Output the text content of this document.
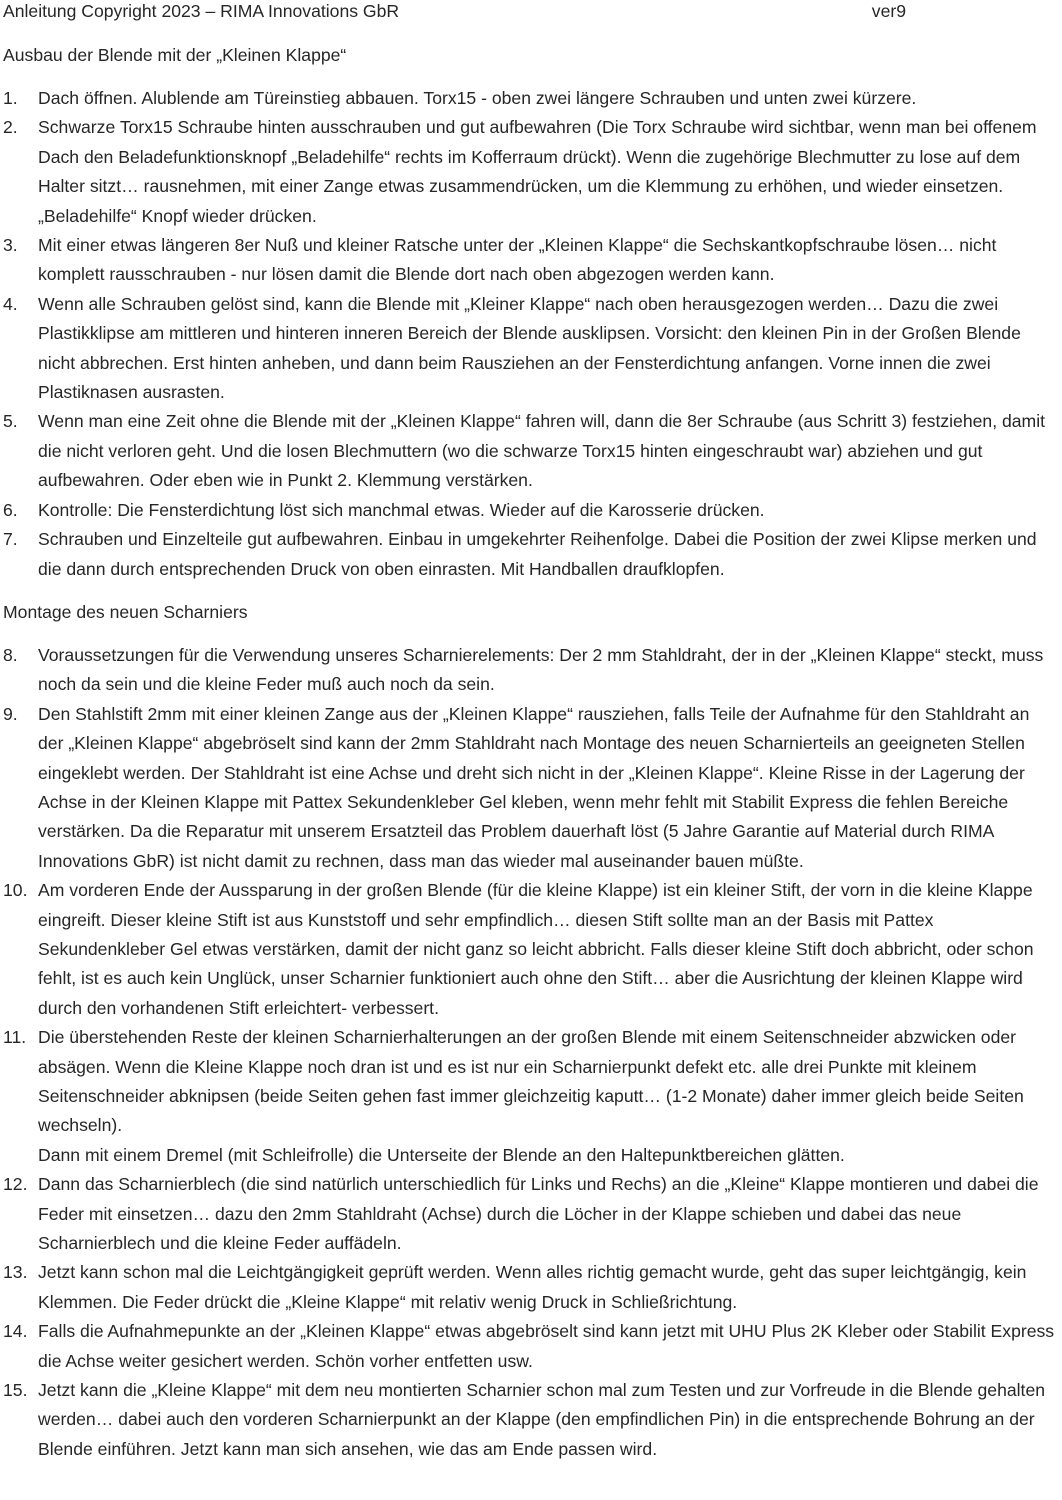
Anleitung Copyright 2023 – RIMA Innovations GbR	ver9
Ausbau der Blende mit der „Kleinen Klappe“
1.	Dach öffnen. Alublende am Türeinstieg abbauen. Torx15 - oben zwei längere Schrauben und unten zwei kürzere.
2.	Schwarze Torx15 Schraube hinten ausschrauben und gut aufbewahren (Die Torx Schraube wird sichtbar, wenn man bei offenem Dach den Beladefunktionsknopf „Beladehilfe“ rechts im Kofferraum drückt). Wenn die zugehörige Blechmutter zu lose auf dem Halter sitzt… rausnehmen, mit einer Zange etwas zusammendrücken, um die Klemmung zu erhöhen, und wieder einsetzen. „Beladehilfe“ Knopf wieder drücken.
3.	Mit einer etwas längeren 8er Nuß und kleiner Ratsche unter der „Kleinen Klappe“ die Sechskantkopfschraube lösen… nicht komplett rausschrauben - nur lösen damit die Blende dort nach oben abgezogen werden kann.
4.	Wenn alle Schrauben gelöst sind, kann die Blende mit „Kleiner Klappe“ nach oben herausgezogen werden… Dazu die zwei Plastikklipse am mittleren und hinteren inneren Bereich der Blende ausklipsen. Vorsicht: den kleinen Pin in der Großen Blende nicht abbrechen. Erst hinten anheben, und dann beim Rausziehen an der Fensterdichtung anfangen. Vorne innen die zwei Plastiknasen ausrasten.
5.	Wenn man eine Zeit ohne die Blende mit der „Kleinen Klappe“ fahren will, dann die 8er Schraube (aus Schritt 3) festziehen, damit die nicht verloren geht. Und die losen Blechmuttern (wo die schwarze Torx15 hinten eingeschraubt war) abziehen und gut aufbewahren. Oder eben wie in Punkt 2. Klemmung verstärken.
6.	Kontrolle: Die Fensterdichtung löst sich manchmal etwas. Wieder auf die Karosserie drücken.
7.	Schrauben und Einzelteile gut aufbewahren. Einbau in umgekehrter Reihenfolge. Dabei die Position der zwei Klipse merken und die dann durch entsprechenden Druck von oben einrasten. Mit Handballen draufklopfen.
Montage des neuen Scharniers
8.	Voraussetzungen für die Verwendung unseres Scharnierelements: Der 2 mm Stahldraht, der in der „Kleinen Klappe“ steckt, muss noch da sein und die kleine Feder muß auch noch da sein.
9.	Den Stahlstift 2mm mit einer kleinen Zange aus der „Kleinen Klappe“ rausziehen, falls Teile der Aufnahme für den Stahldraht an der „Kleinen Klappe“ abgebröselt sind kann der 2mm Stahldraht nach Montage des neuen Scharnierteils an geeigneten Stellen eingeklebt werden. Der Stahldraht ist eine Achse und dreht sich nicht in der „Kleinen Klappe“. Kleine Risse in der Lagerung der Achse in der Kleinen Klappe mit Pattex Sekundenkleber Gel kleben, wenn mehr fehlt mit Stabilit Express die fehlen Bereiche verstärken. Da die Reparatur mit unserem Ersatzteil das Problem dauerhaft löst (5 Jahre Garantie auf Material durch RIMA Innovations GbR) ist nicht damit zu rechnen, dass man das wieder mal auseinander bauen müßte.
10. Am vorderen Ende der Aussparung in der großen Blende (für die kleine Klappe) ist ein kleiner Stift, der vorn in die kleine Klappe eingreift. Dieser kleine Stift ist aus Kunststoff und sehr empfindlich… diesen Stift sollte man an der Basis mit Pattex Sekundenkleber Gel etwas verstärken, damit der nicht ganz so leicht abbricht. Falls dieser kleine Stift doch abbricht, oder schon fehlt, ist es auch kein Unglück, unser Scharnier funktioniert auch ohne den Stift… aber die Ausrichtung der kleinen Klappe wird durch den vorhandenen Stift erleichtert- verbessert.
11. Die überstehenden Reste der kleinen Scharnierhalterungen an der großen Blende mit einem Seitenschneider abzwicken oder absägen. Wenn die Kleine Klappe noch dran ist und es ist nur ein Scharnierpunkt defekt etc. alle drei Punkte mit kleinem Seitenschneider abknipsen (beide Seiten gehen fast immer gleichzeitig kaputt… (1-2 Monate) daher immer gleich beide Seiten wechseln).

Dann mit einem Dremel (mit Schleifrolle) die Unterseite der Blende an den Haltepunktbereichen glätten.

12. Dann das Scharnierblech (die sind natürlich unterschiedlich für Links und Rechs) an die „Kleine“ Klappe montieren und dabei die Feder mit einsetzen… dazu den 2mm Stahldraht (Achse) durch die Löcher in der Klappe schieben und dabei das neue Scharnierblech und die kleine Feder auffädeln.
13. Jetzt kann schon mal die Leichtgängigkeit geprüft werden. Wenn alles richtig gemacht wurde, geht das super leichtgängig, kein Klemmen. Die Feder drückt die „Kleine Klappe“ mit relativ wenig Druck in Schließrichtung.
14. Falls die Aufnahmepunkte an der „Kleinen Klappe“ etwas abgebröselt sind kann jetzt mit UHU Plus 2K Kleber oder Stabilit Express die Achse weiter gesichert werden. Schön vorher entfetten usw.
15. Jetzt kann die „Kleine Klappe“ mit dem neu montierten Scharnier schon mal zum Testen und zur Vorfreude in die Blende gehalten werden… dabei auch den vorderen Scharnierpunkt an der Klappe (den empfindlichen Pin) in die entsprechende Bohrung an der Blende einführen. Jetzt kann man sich ansehen, wie das am Ende passen wird.
